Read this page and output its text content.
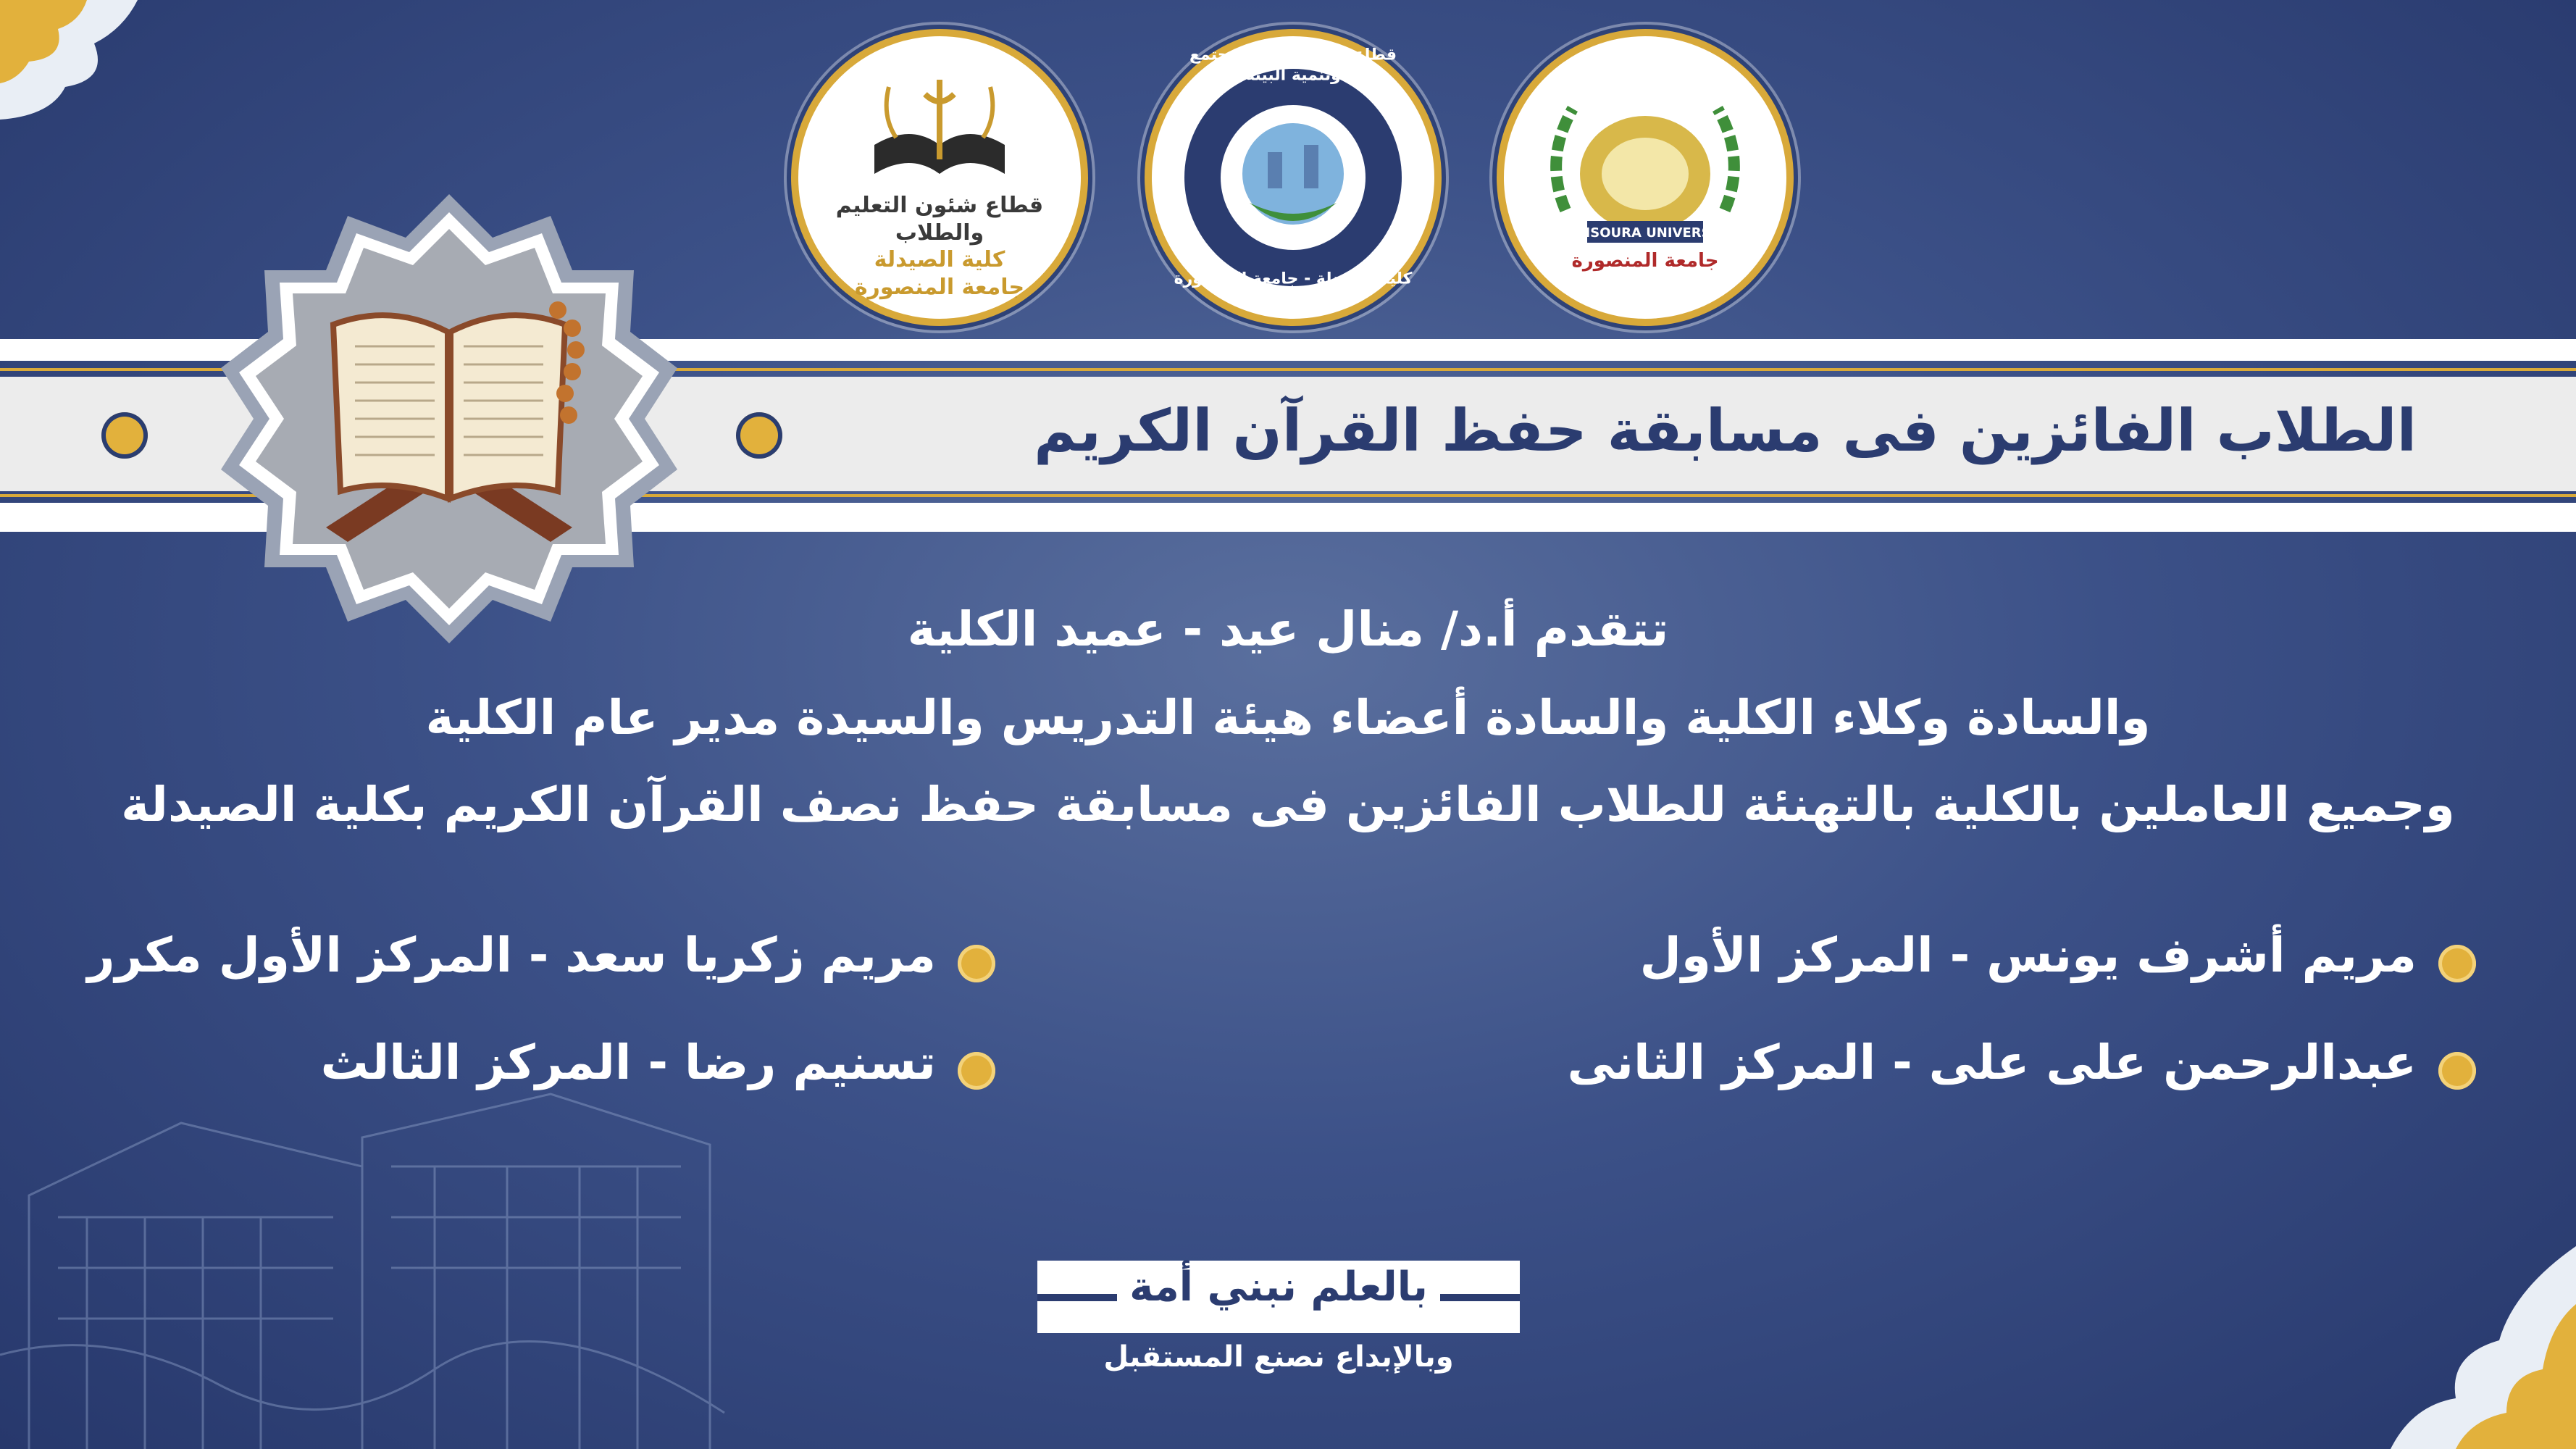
قطاع شئون التعليم والطلاب
كلية الصيدلة
جامعة المنصورة
قطاع شئون خدمة المجتمع وتنمية البيئة
كلية الصيدلة - جامعة المنصورة
MANSOURA UNIVERSITY
جامعة المنصورة
الطلاب الفائزين فى مسابقة حفظ القرآن الكريم
تتقدم أ.د/ منال عيد - عميد الكلية
والسادة وكلاء الكلية والسادة أعضاء هيئة التدريس والسيدة مدير عام الكلية
وجميع العاملين بالكلية بالتهنئة للطلاب الفائزين فى مسابقة حفظ نصف القرآن الكريم بكلية الصيدلة
مريم أشرف يونس - المركز الأول
عبدالرحمن على على - المركز الثانى
مريم زكريا سعد - المركز الأول مكرر
تسنيم رضا - المركز الثالث
بالعلم نبني أمة
وبالإبداع نصنع المستقبل
